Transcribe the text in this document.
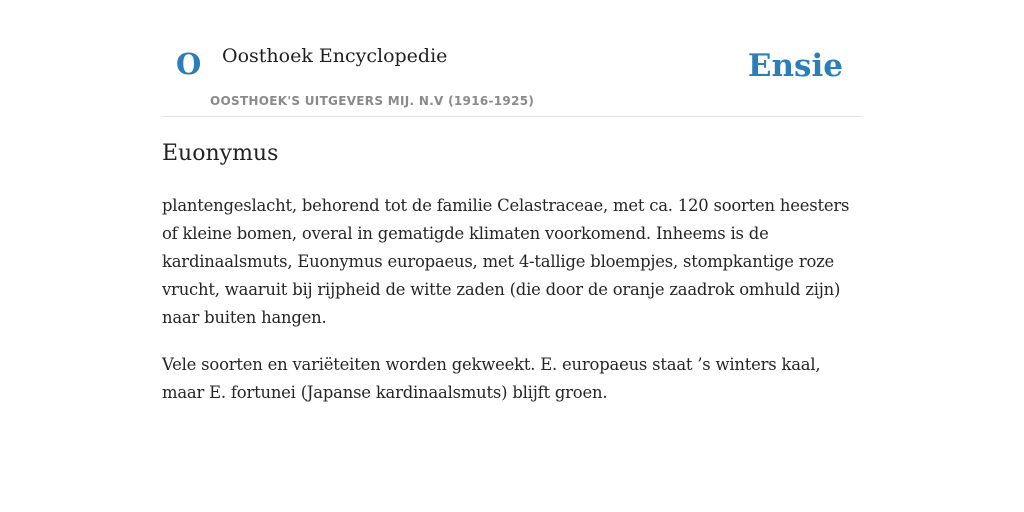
O Oosthoek Encyclopedie
OOSTHOEK'S UITGEVERS MIJ. N.V (1916-1925)
Ensie
Euonymus

plantengeslacht, behorend tot de familie Celastraceae, met ca. 120 soorten heesters of kleine bomen, overal in gematigde klimaten voorkomend. Inheems is de kardinaalsmuts, Euonymus europaeus, met 4-tallige bloempjes, stompkantige roze vrucht, waaruit bij rijpheid de witte zaden (die door de oranje zaadrok omhuld zijn) naar buiten hangen.

Vele soorten en variëteiten worden gekweekt. E. europaeus staat ’s winters kaal, maar E. fortunei (Japanse kardinaalsmuts) blijft groen.
